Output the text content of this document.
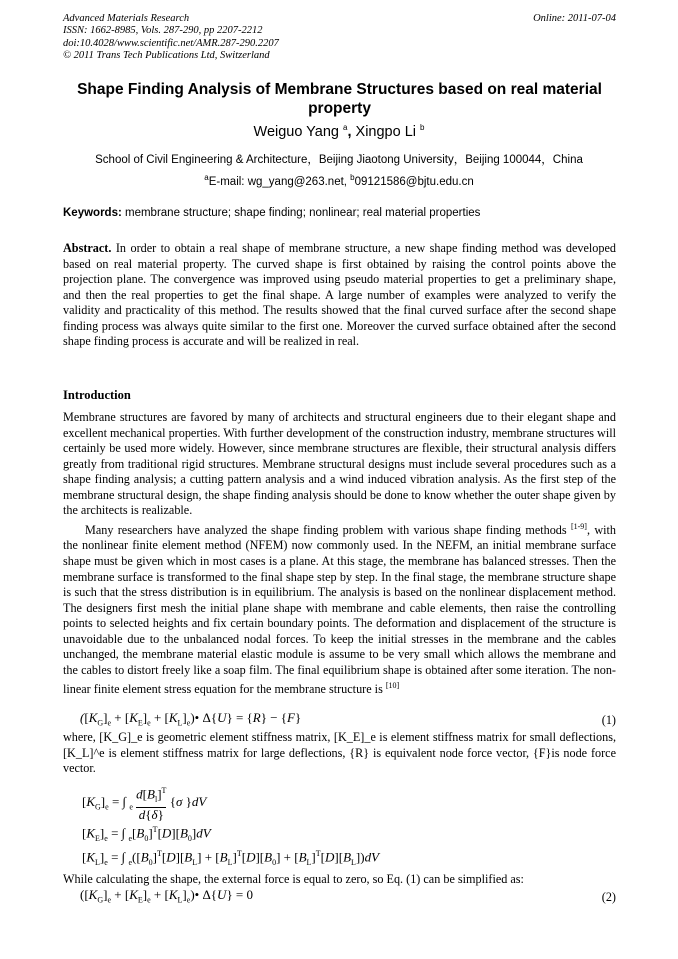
Advanced Materials Research
ISSN: 1662-8985, Vols. 287-290, pp 2207-2212
doi:10.4028/www.scientific.net/AMR.287-290.2207
© 2011 Trans Tech Publications Ltd, Switzerland
Online: 2011-07-04
Shape Finding Analysis of Membrane Structures based on real material property
Weiguo Yang $^a$, Xingpo Li $^b$
School of Civil Engineering & Architecture，Beijing Jiaotong University，Beijing 100044，China
$^a$E-mail: wg_yang@263.net, $^b$09121586@bjtu.edu.cn
Keywords: membrane structure; shape finding; nonlinear; real material properties
Abstract. In order to obtain a real shape of membrane structure, a new shape finding method was developed based on real material property. The curved shape is first obtained by raising the control points above the projection plane. The convergence was improved using pseudo material properties to get a preliminary shape, and then the real properties to get the final shape. A large number of examples were analyzed to verify the validity and practicality of this method. The results showed that the final curved surface after the second shape finding process was always quite similar to the first one. Moreover the curved surface obtained after the second shape finding process is accurate and will be realized in real.
Introduction

Membrane structures are favored by many of architects and structural engineers due to their elegant shape and excellent mechanical properties. With further development of the construction industry, membrane structures will certainly be used more widely. However, since membrane structures are flexible, their structural analysis differs greatly from traditional rigid structures. Membrane structural designs must include several procedures such as a shape finding analysis; a cutting pattern analysis and a wind induced vibration analysis. As the first step of the membrane structural design, the shape finding analysis should be done to know whether the outer shape given by the architects is realizable.

Many researchers have analyzed the shape finding problem with various shape finding methods [1-9], with the nonlinear finite element method (NFEM) now commonly used. In the NEFM, an initial membrane surface shape must be given which in most cases is a plane. At this stage, the membrane has balanced stresses. Then the membrane surface is transformed to the final shape step by step. In the final stage, the membrane structure shape is such that the stress distribution is in equilibrium. The analysis is based on the nonlinear displacement method. The designers first mesh the initial plane shape with membrane and cable elements, then raise the controlling points to selected heights and fix certain boundary points. The deformation and displacement of the structure is unavoidable due to the unbalanced nodal forces. To keep the initial stresses in the membrane and the cables unchanged, the membrane material elastic module is assume to be very small which allows the membrane and the cables to distort freely like a soap film. The final equilibrium shape is obtained after some iteration. The non-linear finite element stress equation for the membrane structure is [10]

($[K_G]_e + [K_E]_e$ + $[K_L]_e)•$ Δ{U} = {R} − {F}	(1)
where, [K_G]_e is geometric element stiffness matrix, [K_E]_e is element stiffness matrix for small deflections,[K_L]^e is element stiffness matrix for large deflections, {R} is equivalent node force vector, {F}is node force vector.
$[K_G]_e$ = ∫ $_e \frac{d[B_l]^T}{d\{\delta\}} \{\sigma$ }dV
$[K_E]_e$ = ∫ $_e[B_0]^T[D][B_0]dV$
$[K_L]_e$ = ∫ $_e([B_0]^T[D][B_L] + [B_L]^T[D][B_0] + [B_L]^T[D][B_L])dV$
While calculating the shape, the external force is equal to zero, so Eq. (1) can be simplified as:
($[K_G]_e + [K_E]_e$ + $[K_L]_e)•$ Δ{U} = 0	(2)
